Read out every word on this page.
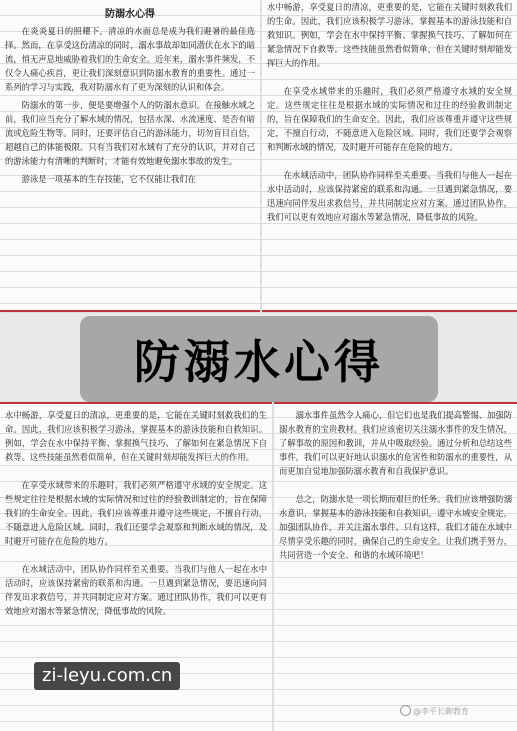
防溺水心得

在炎炎夏日的照耀下，清凉的水面总是成为我们避暑的最佳选择。然而，在享受这份清凉的同时，溺水事故却如同潜伏在水下的暗流，悄无声息地威胁着我们的生命安全。近年来，溺水事件频发，不仅令人痛心疾首，更让我们深刻意识到防溺水教育的重要性。通过一系列的学习与实践，我对防溺水有了更为深刻的认识和体会。

防溺水的第一步，便是要增强个人的防溺水意识。在接触水域之前，我们应当充分了解水域的情况，包括水深、水流速度、是否有暗流或危险生物等。同时，还要评估自己的游泳能力，切勿盲目自信，超越自己的体能极限。只有当我们对水域有了充分的认识，并对自己的游泳能力有清晰的判断时，才能有效地避免溺水事故的发生。

游泳是一项基本的生存技能，它不仅能让我们在

水中畅游，享受夏日的清凉，更重要的是，它能在关键时刻救我们的生命。因此，我们应该积极学习游泳，掌握基本的游泳技能和自救知识。例如，学会在水中保持平衡、掌握换气技巧、了解如何在紧急情况下自救等。这些技能虽然看似简单，但在关键时刻却能发挥巨大的作用。

在享受水域带来的乐趣时，我们必须严格遵守水域的安全规定。这些规定往往是根据水域的实际情况和过往的经验教训制定的，旨在保障我们的生命安全。因此，我们应该尊重并遵守这些规定，不擅自行动，不随意进入危险区域。同时，我们还要学会观察和判断水域的情况，及时避开可能存在危险的地方。

在水域活动中，团队协作同样至关重要。当我们与他人一起在水中活动时，应该保持紧密的联系和沟通。一旦遇到紧急情况，要迅速向同伴发出求救信号，并共同制定应对方案。通过团队协作，我们可以更有效地应对溺水等紧急情况，降低事故的风险。

防溺水心得

水中畅游，享受夏日的清凉，更重要的是，它能在关键时刻救我们的生命。因此，我们应该积极学习游泳，掌握基本的游泳技能和自救知识。例如，学会在水中保持平衡、掌握换气技巧、了解如何在紧急情况下自救等。这些技能虽然看似简单，但在关键时刻却能发挥巨大的作用。

在享受水域带来的乐趣时，我们必须严格遵守水域的安全规定。这些规定往往是根据水域的实际情况和过往的经验教训制定的，旨在保障我们的生命安全。因此，我们应该尊重并遵守这些规定，不擅自行动，不随意进入危险区域。同时，我们还要学会观察和判断水域的情况，及时避开可能存在危险的地方。

在水域活动中，团队协作同样至关重要。当我们与他人一起在水中活动时，应该保持紧密的联系和沟通。一旦遇到紧急情况，要迅速向同伴发出求救信号，并共同制定应对方案。通过团队协作，我们可以更有效地应对溺水等紧急情况，降低事故的风险。

溺水事件虽然令人痛心，但它们也是我们提高警惕、加强防溺水教育的宝贵教材。我们应该密切关注溺水事件的发生情况，了解事故的原因和教训，并从中吸取经验。通过分析和总结这些事件，我们可以更好地认识溺水的危害性和防溺水的重要性，从而更加自觉地加强防溺水教育和自我保护意识。

总之，防溺水是一项长期而艰巨的任务。我们应该增强防溺水意识，掌握基本的游泳技能和自救知识，遵守水域安全规定，加强团队协作，并关注溺水事件。只有这样，我们才能在水域中尽情享受乐趣的同时，确保自己的生命安全。让我们携手努力，共同营造一个安全、和谐的水域环境吧！

zi-leyu.com.cn
@李平长聊教育
